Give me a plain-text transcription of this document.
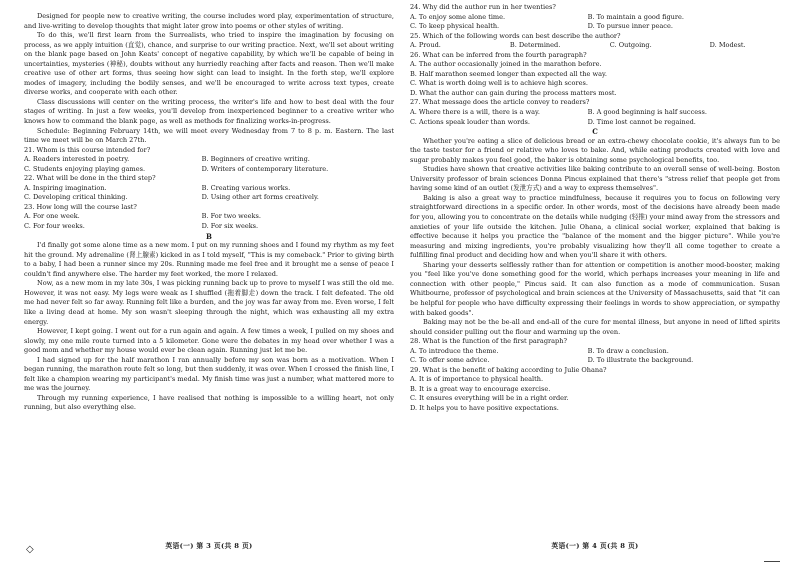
Designed for people new to creative writing, the course includes word play, experimentation of structure, and live-writing to develop thoughts that might later grow into poems or other styles of writing.

To do this, we'll first learn from the Surrealists, who tried to inspire the imagination by focusing on process, as we apply intuition (直觉), chance, and surprise to our writing practice. Next, we'll set about writing on the blank page based on John Keats' concept of negative capability, by which we'll be capable of being in uncertainties, mysteries (神秘), doubts without any hurriedly reaching after facts and reason. Then we'll make creative use of other art forms, thus seeing how sight can lead to insight. In the forth step, we'll explore modes of imagery, including the bodily senses, and we'll be encouraged to write across text types, create diverse works, and cooperate with each other.

Class discussions will center on the writing process, the writer's life and how to best deal with the four stages of writing. In just a few weeks, you'll develop from inexperienced beginner to a creative writer who knows how to command the blank page, as well as methods for finalizing works-in-progress.

Schedule: Beginning February 14th, we will meet every Wednesday from 7 to 8 p. m. Eastern. The last time we meet will be on March 27th.

21. Whom is this course intended for?

A. Readers interested in poetry.	B. Beginners of creative writing.
C. Students enjoying playing games.	D. Writers of contemporary literature.

22. What will be done in the third step?

A. Inspiring imagination.	B. Creating various works.
C. Developing critical thinking.	D. Using other art forms creatively.

23. How long will the course last?

A. For one week.	B. For two weeks.
C. For four weeks.	D. For six weeks.

B

I'd finally got some alone time as a new mom. I put on my running shoes and I found my rhythm as my feet hit the ground. My adrenaline (肾上腺素) kicked in as I told myself, "This is my comeback." Prior to giving birth to a baby, I had been a runner since my 20s. Running made me feel free and it brought me a sense of peace I couldn't find anywhere else. The harder my feet worked, the more I relaxed.

Now, as a new mom in my late 30s, I was picking running back up to prove to myself I was still the old me. However, it was not easy. My legs were weak as I shuffled (拖着脚走) down the track. I felt defeated. The old me had never felt so far away. Running felt like a burden, and the joy was far away from me. Even worse, I felt like a living dead at home. My son wasn't sleeping through the night, which was exhausting all my extra energy.

However, I kept going. I went out for a run again and again. A few times a week, I pulled on my shoes and slowly, my one mile route turned into a 5 kilometer. Gone were the debates in my head over whether I was a good mom and whether my house would ever be clean again. Running just let me be.

I had signed up for the half marathon I ran annually before my son was born as a motivation. When I began running, the marathon route felt so long, but then suddenly, it was over. When I crossed the finish line, I felt like a champion wearing my participant's medal. My finish time was just a number, what mattered more to me was the journey.

Through my running experience, I have realised that nothing is impossible to a willing heart, not only running, but also everything else.

◇	英语(一) 第 3 页(共 8 页)

24. Why did the author run in her twenties?

A. To enjoy some alone time.	B. To maintain a good figure.
C. To keep physical health.	D. To pursue inner peace.

25. Which of the following words can best describe the author?

A. Proud.	B. Determined.	C. Outgoing.	D. Modest.

26. What can be inferred from the fourth paragraph?

A. The author occasionally joined in the marathon before.

B. Half marathon seemed longer than expected all the way.

C. What is worth doing well is to achieve high scores.

D. What the author can gain during the process matters most.

27. What message does the article convey to readers?

A. Where there is a will, there is a way.	B. A good beginning is half success.
C. Actions speak louder than words.	D. Time lost cannot be regained.

C

Whether you're eating a slice of delicious bread or an extra-chewy chocolate cookie, it's always fun to be the taste tester for a friend or relative who loves to bake. And, while eating products created with love and sugar probably makes you feel good, the baker is obtaining some psychological benefits, too.

Studies have shown that creative activities like baking contribute to an overall sense of well-being. Boston University professor of brain sciences Donna Pincus explained that there's "stress relief that people get from having some kind of an outlet (发泄方式) and a way to express themselves".

Baking is also a great way to practice mindfulness, because it requires you to focus on following very straightforward directions in a specific order. In other words, most of the decisions have already been made for you, allowing you to concentrate on the details while nudging (轻推) your mind away from the stressors and anxieties of your life outside the kitchen. Julie Ohana, a clinical social worker, explained that baking is effective because it helps you practice the "balance of the moment and the bigger picture". While you're measuring and mixing ingredients, you're probably visualizing how they'll all come together to create a fulfilling final product and deciding how and when you'll share it with others.

Sharing your desserts selflessly rather than for attention or competition is another mood-booster, making you "feel like you've done something good for the world, which perhaps increases your meaning in life and connection with other people," Pincus said. It can also function as a mode of communication. Susan Whitbourne, professor of psychological and brain sciences at the University of Massachusetts, said that "it can be helpful for people who have difficulty expressing their feelings in words to show appreciation, or sympathy with baked goods".

Baking may not be the be-all and end-all of the cure for mental illness, but anyone in need of lifted spirits should consider pulling out the flour and warming up the oven.

28. What is the function of the first paragraph?

A. To introduce the theme.	B. To draw a conclusion.
C. To offer some advice.	D. To illustrate the background.

29. What is the benefit of baking according to Julie Ohana?

A. It is of importance to physical health.

B. It is a great way to encourage exercise.

C. It ensures everything will be in a right order.

D. It helps you to have positive expectations.

英语(一) 第 4 页(共 8 页)
